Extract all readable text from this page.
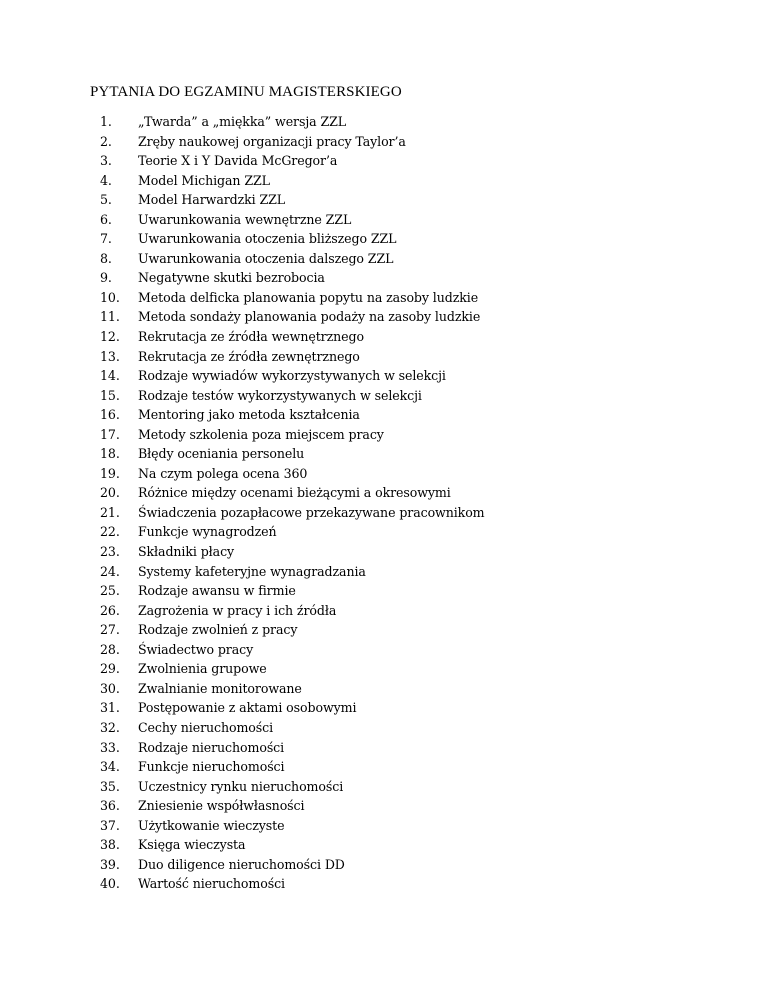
PYTANIA DO EGZAMINU MAGISTERSKIEGO
1. „Twarda” a „miękka” wersja ZZL
2. Zręby naukowej organizacji pracy Taylor’a
3. Teorie X i Y Davida McGregor’a
4. Model Michigan ZZL
5. Model Harwardzki ZZL
6. Uwarunkowania wewnętrzne ZZL
7. Uwarunkowania otoczenia bliższego ZZL
8. Uwarunkowania otoczenia dalszego ZZL
9. Negatywne skutki bezrobocia
10. Metoda delficka planowania popytu na zasoby ludzkie
11. Metoda sondaży planowania podaży na zasoby ludzkie
12. Rekrutacja ze źródła wewnętrznego
13. Rekrutacja ze źródła zewnętrznego
14. Rodzaje wywiadów wykorzystywanych w selekcji
15. Rodzaje testów wykorzystywanych w selekcji
16. Mentoring jako metoda kształcenia
17. Metody szkolenia poza miejscem pracy
18. Błędy oceniania personelu
19. Na czym polega ocena 360
20. Różnice między ocenami bieżącymi a okresowymi
21. Świadczenia pozapłacowe przekazywane pracownikom
22. Funkcje wynagrodzeń
23. Składniki płacy
24. Systemy kafeteryjne wynagradzania
25. Rodzaje awansu w firmie
26. Zagrożenia w pracy i ich źródła
27. Rodzaje zwolnień z pracy
28. Świadectwo pracy
29. Zwolnienia grupowe
30. Zwalnianie monitorowane
31. Postępowanie z aktami osobowymi
32. Cechy nieruchomości
33. Rodzaje nieruchomości
34. Funkcje nieruchomości
35. Uczestnicy rynku nieruchomości
36. Zniesienie współwłasności
37. Użytkowanie wieczyste
38. Księga wieczysta
39. Duo diligence nieruchomości DD
40. Wartość nieruchomości
